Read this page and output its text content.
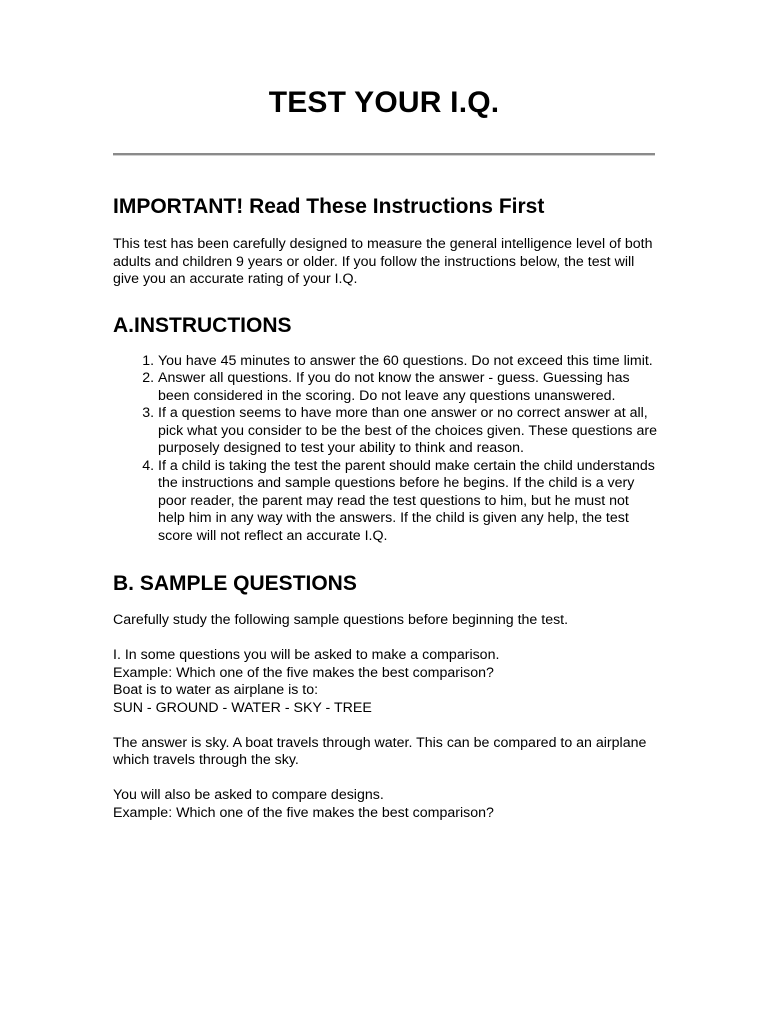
TEST YOUR I.Q.
IMPORTANT! Read These Instructions First

This test has been carefully designed to measure the general intelligence level of both adults and children 9 years or older. If you follow the instructions below, the test will give you an accurate rating of your I.Q.

A.INSTRUCTIONS
1. You have 45 minutes to answer the 60 questions. Do not exceed this time limit.
2. Answer all questions. If you do not know the answer - guess. Guessing has been considered in the scoring. Do not leave any questions unanswered.
3. If a question seems to have more than one answer or no correct answer at all, pick what you consider to be the best of the choices given. These questions are purposely designed to test your ability to think and reason.
4. If a child is taking the test the parent should make certain the child understands the instructions and sample questions before he begins. If the child is a very poor reader, the parent may read the test questions to him, but he must not help him in any way with the answers. If the child is given any help, the test score will not reflect an accurate I.Q.
B. SAMPLE QUESTIONS

Carefully study the following sample questions before beginning the test.

I. In some questions you will be asked to make a comparison.

Example: Which one of the five makes the best comparison?

Boat is to water as airplane is to:

SUN - GROUND - WATER - SKY - TREE

The answer is sky. A boat travels through water. This can be compared to an airplane which travels through the sky.

You will also be asked to compare designs.

Example: Which one of the five makes the best comparison?
